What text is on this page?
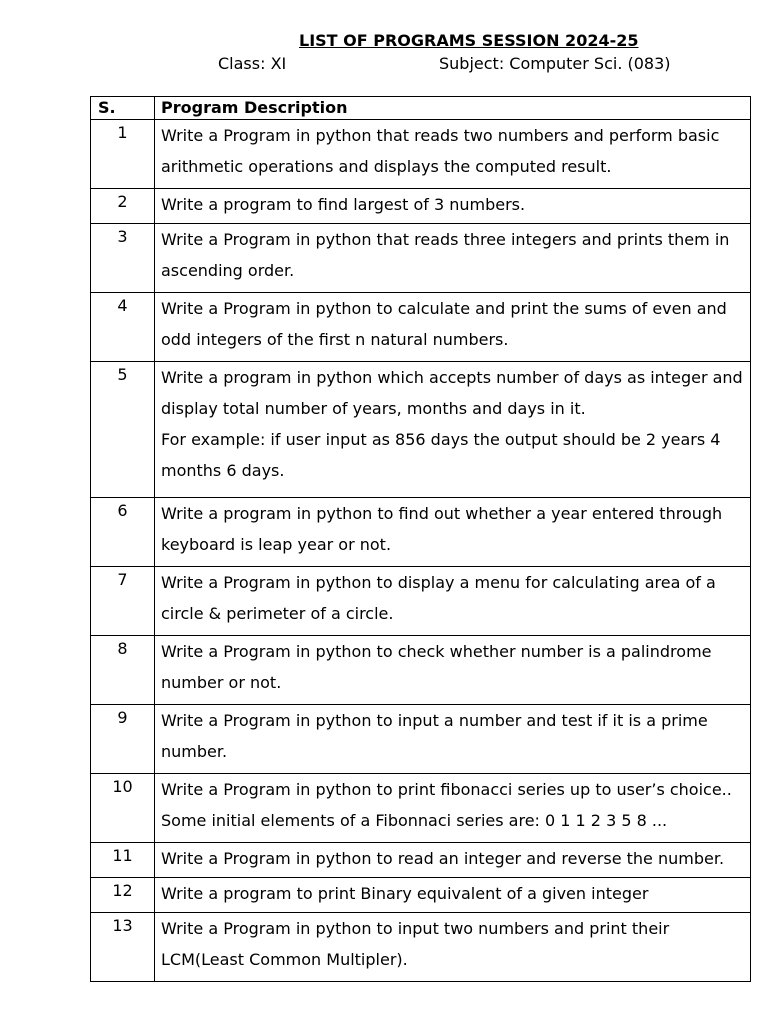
LIST OF PROGRAMS SESSION 2024-25
Class: XI	Subject: Computer Sci. (083)
S.	Program Description
1	Write a Program in python that reads two numbers and perform basic arithmetic operations and displays the computed result.

2	Write a program to find largest of 3 numbers.

3	Write a Program in python that reads three integers and prints them in ascending order.

4	Write a Program in python to calculate and print the sums of even and odd integers of the first n natural numbers.

5	Write a program in python which accepts number of days as integer and display total number of years, months and days in it.
For example: if user input as 856 days the output should be 2 years 4 months 6 days.

6	Write a program in python to find out whether a year entered through keyboard is leap year or not.

7	Write a Program in python to display a menu for calculating area of a circle & perimeter of a circle.

8	Write a Program in python to check whether number is a palindrome number or not.

9	Write a Program in python to input a number and test if it is a prime number.

10	Write a Program in python to print fibonacci series up to user’s choice.. Some initial elements of a Fibonnaci series are: 0 1 1 2 3 5 8 ...

11	Write a Program in python to read an integer and reverse the number.

12	Write a program to print Binary equivalent of a given integer

13	Write a Program in python to input two numbers and print their LCM(Least Common Multipler).
